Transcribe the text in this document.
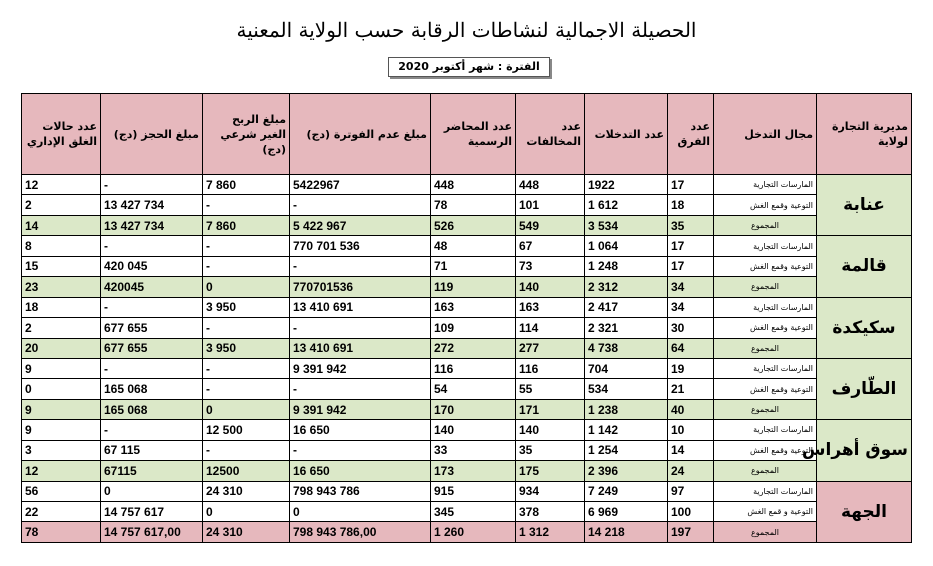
الحصيلة الاجمالية لنشاطات الرقابة حسب الولاية المعنية
الفترة : شهر أكتوبر 2020
مديرية التجارة لولاية	مجال التدخل	عدد الفرق	عدد التدخلات	عدد المخالفات	عدد المحاضر الرسمية	مبلغ عدم الفوترة (دج)	مبلغ الربح الغير شرعي (دج)	مبلغ الحجز (دج)	عدد حالات الغلق الإداري
عنابة	المارسات التجارية	17	1922	448	448	5422967	7 860	-	12
	التوعية وقمع الغش	18	1 612	101	78	-	-	13 427 734	2
	المجموع	35	3 534	549	526	5 422 967	7 860	13 427 734	14
قالمة	المارسات التجارية	17	1 064	67	48	770 701 536	-	-	8
	التوعية وقمع الغش	17	1 248	73	71	-	-	420 045	15
	المجموع	34	2 312	140	119	770701536	0	420045	23
سكيكدة	المارسات التجارية	34	2 417	163	163	13 410 691	3 950	-	18
	التوعية وقمع الغش	30	2 321	114	109	-	-	677 655	2
	المجموع	64	4 738	277	272	13 410 691	3 950	677 655	20
الطّارف	المارسات التجارية	19	704	116	116	9 391 942	-	-	9
	التوعية وقمع الغش	21	534	55	54	-	-	165 068	0
	المجموع	40	1 238	171	170	9 391 942	0	165 068	9
سوق أهراس	المارسات التجارية	10	1 142	140	140	16 650	12 500	-	9
	التوعية وقمع الغش	14	1 254	35	33	-	-	67 115	3
	المجموع	24	2 396	175	173	16 650	12500	67115	12
الجهة	المارسات التجارية	97	7 249	934	915	798 943 786	24 310	0	56
	التوعية و قمع الغش	100	6 969	378	345	0	0	14 757 617	22
	المجموع	197	14 218	1 312	1 260	798 943 786,00	24 310	14 757 617,00	78
